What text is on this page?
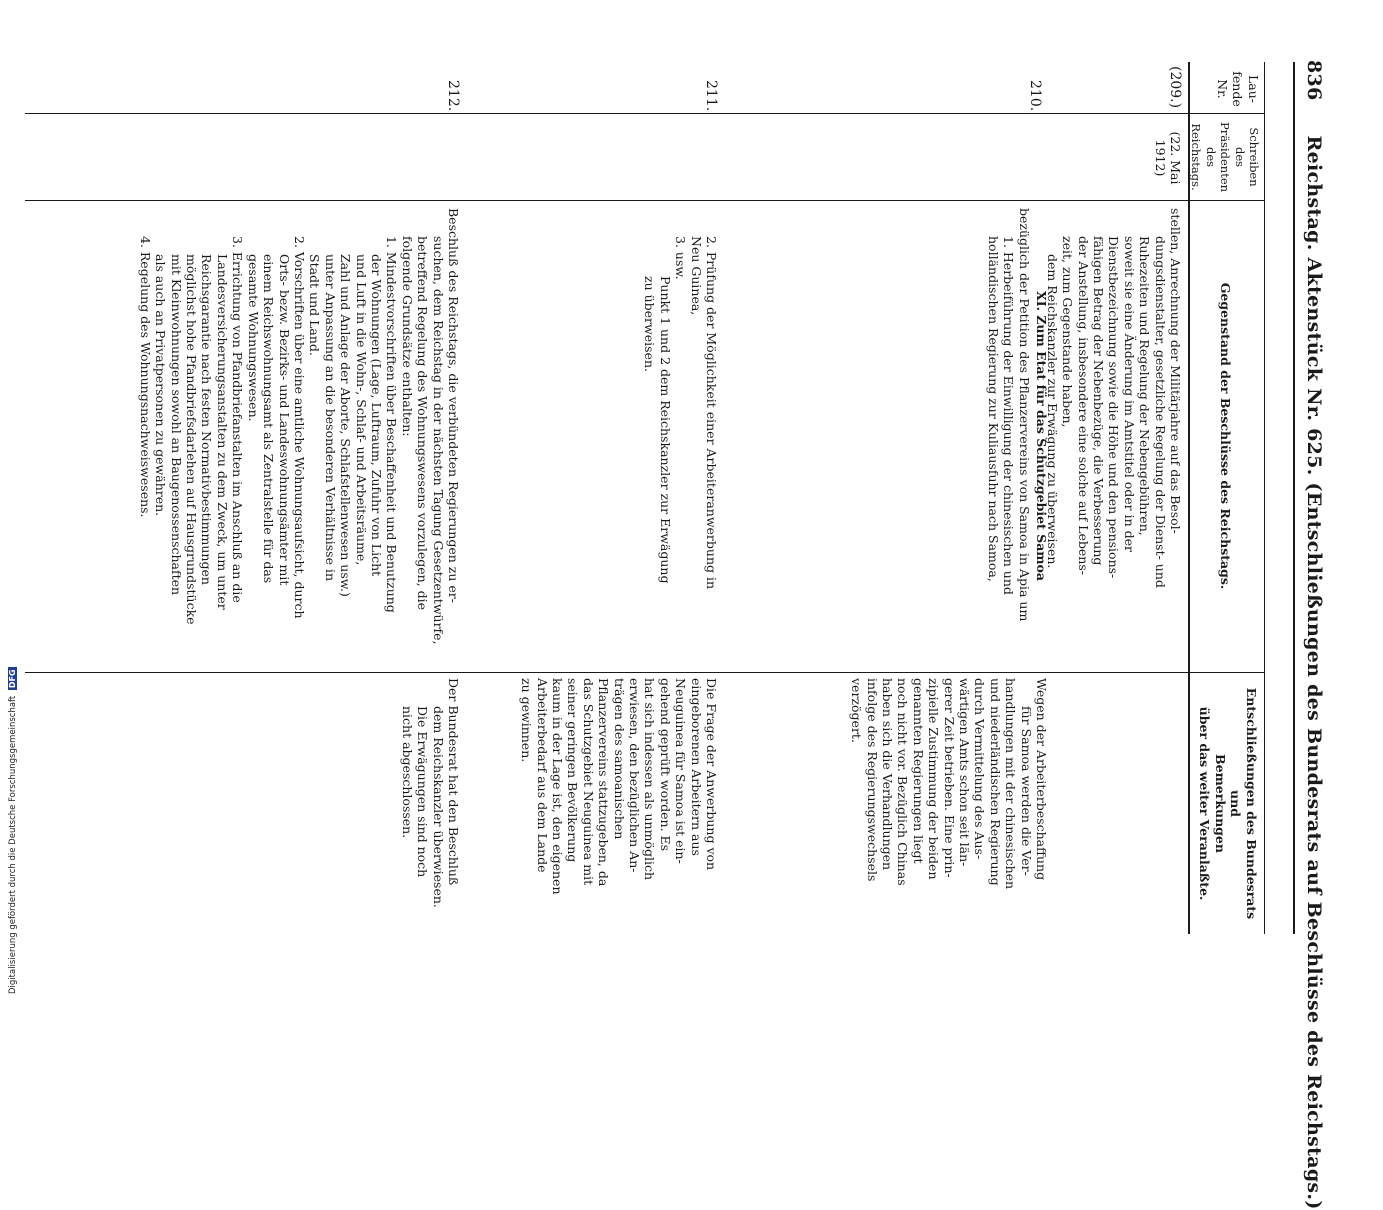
836 Reichstag. Aktenstück Nr. 625. (Entschließungen des Bundesrats auf Beschlüsse des Reichstags.)
Lau-
fende
Nr.
Schreiben
des
Präsidenten
des
Reichstags.
Gegenstand der Beschlüsse des Reichstags.
Entschließungen des Bundesrats
und
Bemerkungen
über das weiter Veranlaßte.
(209.)
(22. Mai
1912)

stellen, Anrechnung der Militärjahre auf das Besol-

dungsdienstalter, gesetzliche Regelung der Dienst- und

Ruhezeiten und Regelung der Nebengebühren,

soweit sie eine Änderung im Amtstitel oder in der

Dienstbezeichnung sowie die Höhe und den pensions-

fähigen Betrag der Nebenbezüge, die Verbesserung

der Anstellung, insbesondere eine solche auf Lebens-

zeit, zum Gegenstande haben,

dem Reichskanzler zur Erwägung zu überweisen.

210.

XI. Zum Etat für das Schutzgebiet Samoa

bezüglich der Petition des Pflanzervereins von Samoa in Apia um

1. Herbeiführung der Einwilligung der chinesischen und

holländischen Regierung zur Kuliausfuhr nach Samoa,

Wegen der Arbeiterbeschaffung

für Samoa werden die Ver-

handlungen mit der chinesischen

und niederländischen Regierung

durch Vermittelung des Aus-

wärtigen Amts schon seit län-

gerer Zeit betrieben. Eine prin-

zipielle Zustimmung der beiden

genannten Regierungen liegt

noch nicht vor. Bezüglich Chinas

haben sich die Verhandlungen

infolge des Regierungswechsels

verzögert.

211.

2. Prüfung der Möglichkeit einer Arbeiteranwerbung in

Neu Guinea,

3. usw.

Punkt 1 und 2 dem Reichskanzler zur Erwägung

zu überweisen.

Die Frage der Anwerbung von

eingeborenen Arbeitern aus

Neuguinea für Samoa ist ein-

gehend geprüft worden. Es

hat sich indessen als unmöglich

erwiesen, den bezüglichen An-

trägen des samoanischen

Pflanzervereins stattzugeben, da

das Schutzgebiet Neuguinea mit

seiner geringen Bevölkerung

kaum in der Lage ist, den eigenen

Arbeiterbedarf aus dem Lande

zu gewinnen.

212.

Beschluß des Reichstags, die verbündeten Regierungen zu er-

suchen, dem Reichstag in der nächsten Tagung Gesetzentwürfe,

betreffend Regelung des Wohnungswesens vorzulegen, die

folgende Grundsätze enthalten:

1. Mindestvorschriften über Beschaffenheit und Benutzung

der Wohnungen (Lage, Luftraum, Zufuhr von Licht

und Luft in die Wohn-, Schlaf- und Arbeitsräume,

Zahl und Anlage der Aborte, Schlafstellenwesen usw.)

unter Anpassung an die besonderen Verhältnisse in

Stadt und Land.

2. Vorschriften über eine amtliche Wohnungsaufsicht, durch

Orts- bezw. Bezirks- und Landeswohnungsämter mit

einem Reichswohnungsamt als Zentralstelle für das

gesamte Wohnungswesen.

3. Errichtung von Pfandbriefanstalten im Anschluß an die

Landesversicherungsanstalten zu dem Zweck, um unter

Reichsgarantie nach festen Normativbestimmungen

möglichst hohe Pfandbriefsdarlehen auf Hausgrundstücke

mit Kleinwohnungen sowohl an Baugenossenschaften

als auch an Privatpersonen zu gewähren.

4. Regelung des Wohnungsnachweiswesens.

Der Bundesrat hat den Beschluß

dem Reichskanzler überwiesen.

Die Erwägungen sind noch

nicht abgeschlossen.

Digitalisierung gefördert durch die Deutsche Forschungsgemeinschaft DFG
